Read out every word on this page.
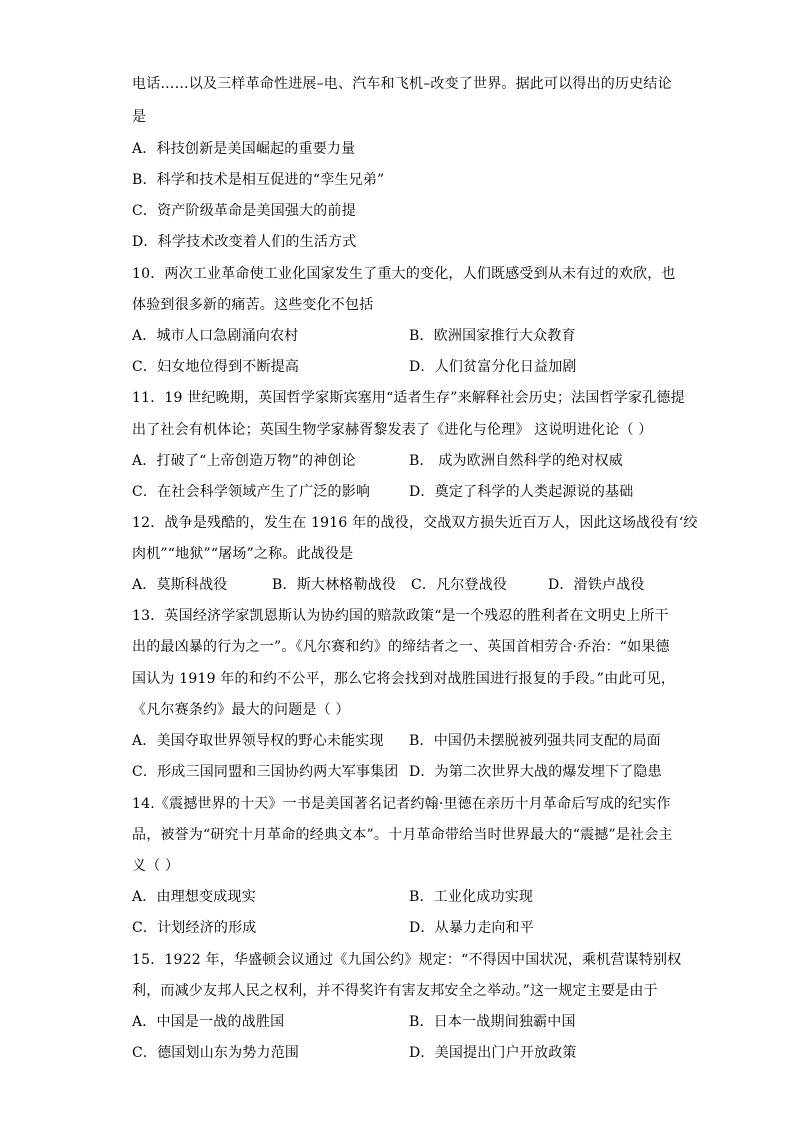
电话……以及三样革命性进展–电、汽车和飞机–改变了世界。据此可以得出的历史结论
是
A．科技创新是美国崛起的重要力量
B．科学和技术是相互促进的“孪生兄弟”
C．资产阶级革命是美国强大的前提
D．科学技术改变着人们的生活方式
10．两次工业革命使工业化国家发生了重大的变化，人们既感受到从未有过的欢欣，也
体验到很多新的痛苦。这些变化不包括
A．城市人口急剧涌向农村	B．欧洲国家推行大众教育
C．妇女地位得到不断提高	D．人们贫富分化日益加剧
11．19 世纪晚期，英国哲学家斯宾塞用“适者生存”来解释社会历史；法国哲学家孔德提
出了社会有机体论；英国生物学家赫胥黎发表了《进化与伦理》 这说明进化论（ ）
A．打破了“上帝创造万物”的神创论	B． 成为欧洲自然科学的绝对权威
C．在社会科学领域产生了广泛的影响	D．奠定了科学的人类起源说的基础
12．战争是残酷的，发生在 1916 年的战役，交战双方损失近百万人，因此这场战役有‘绞
肉机”“地狱”“屠场”之称。此战役是
A．莫斯科战役	B．斯大林格勒战役 C．凡尔登战役	D．滑铁卢战役
13．英国经济学家凯恩斯认为协约国的赔款政策“是一个残忍的胜利者在文明史上所干
出的最凶暴的行为之一”。《凡尔赛和约》的缔结者之一、英国首相劳合·乔治：“如果德
国认为 1919 年的和约不公平，那么它将会找到对战胜国进行报复的手段。”由此可见，
《凡尔赛条约》最大的问题是（ ）
A．美国夺取世界领导权的野心未能实现 B．中国仍未摆脱被列强共同支配的局面
C．形成三国同盟和三国协约两大军事集团 D．为第二次世界大战的爆发埋下了隐患
14.《震撼世界的十天》一书是美国著名记者约翰·里德在亲历十月革命后写成的纪实作
品，被誉为“研究十月革命的经典文本”。十月革命带给当时世界最大的“震撼”是社会主
义（ ）
A．由理想变成现实	B．工业化成功实现
C．计划经济的形成	D．从暴力走向和平
15．1922 年，华盛顿会议通过《九国公约》规定：“不得因中国状况，乘机营谋特别权
利，而减少友邦人民之权利，并不得奖许有害友邦安全之举动。”这一规定主要是由于
A．中国是一战的战胜国	B．日本一战期间独霸中国
C．德国划山东为势力范围	D．美国提出门户开放政策
